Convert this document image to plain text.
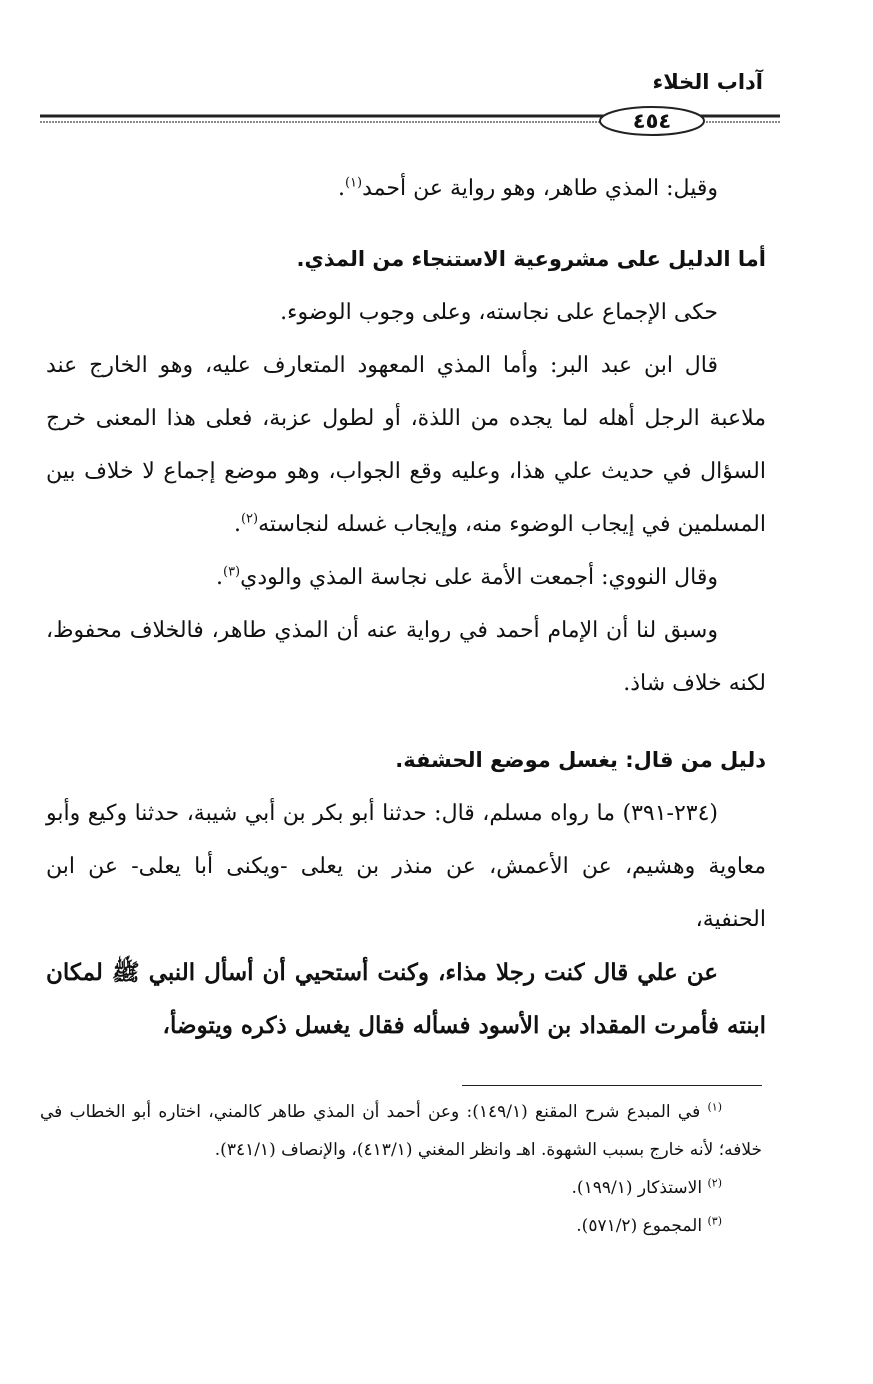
آداب الخلاء
٤٥٤

وقيل: المذي طاهر، وهو رواية عن أحمد$^{(١)}$.

أما الدليل على مشروعية الاستنجاء من المذي.

حكى الإجماع على نجاسته، وعلى وجوب الوضوء.

قال ابن عبد البر: وأما المذي المعهود المتعارف عليه، وهو الخارج عند ملاعبة الرجل أهله لما يجده من اللذة، أو لطول عزبة، فعلى هذا المعنى خرج السؤال في حديث علي هذا، وعليه وقع الجواب، وهو موضع إجماع لا خلاف بين المسلمين في إيجاب الوضوء منه، وإيجاب غسله لنجاسته$^{(٢)}$.

وقال النووي: أجمعت الأمة على نجاسة المذي والودي$^{(٣)}$.

وسبق لنا أن الإمام أحمد في رواية عنه أن المذي طاهر، فالخلاف محفوظ، لكنه خلاف شاذ.

دليل من قال: يغسل موضع الحشفة.

(٢٣٤-٣٩١) ما رواه مسلم، قال: حدثنا أبو بكر بن أبي شيبة، حدثنا وكيع وأبو معاوية وهشيم، عن الأعمش، عن منذر بن يعلى -ويكنى أبا يعلى- عن ابن الحنفية،

عن علي قال كنت رجلا مذاء، وكنت أستحيي أن أسأل النبي ﷺ لمكان ابنته فأمرت المقداد بن الأسود فسأله فقال يغسل ذكره ويتوضأ،

$^{(١)}$ في المبدع شرح المقنع (١٤٩/١): وعن أحمد أن المذي طاهر كالمني، اختاره أبو الخطاب في خلافه؛ لأنه خارج بسبب الشهوة. اهـ وانظر المغني (٤١٣/١)، والإنصاف (٣٤١/١).

$^{(٢)}$ الاستذكار (١٩٩/١).

$^{(٣)}$ المجموع (٥٧١/٢).
